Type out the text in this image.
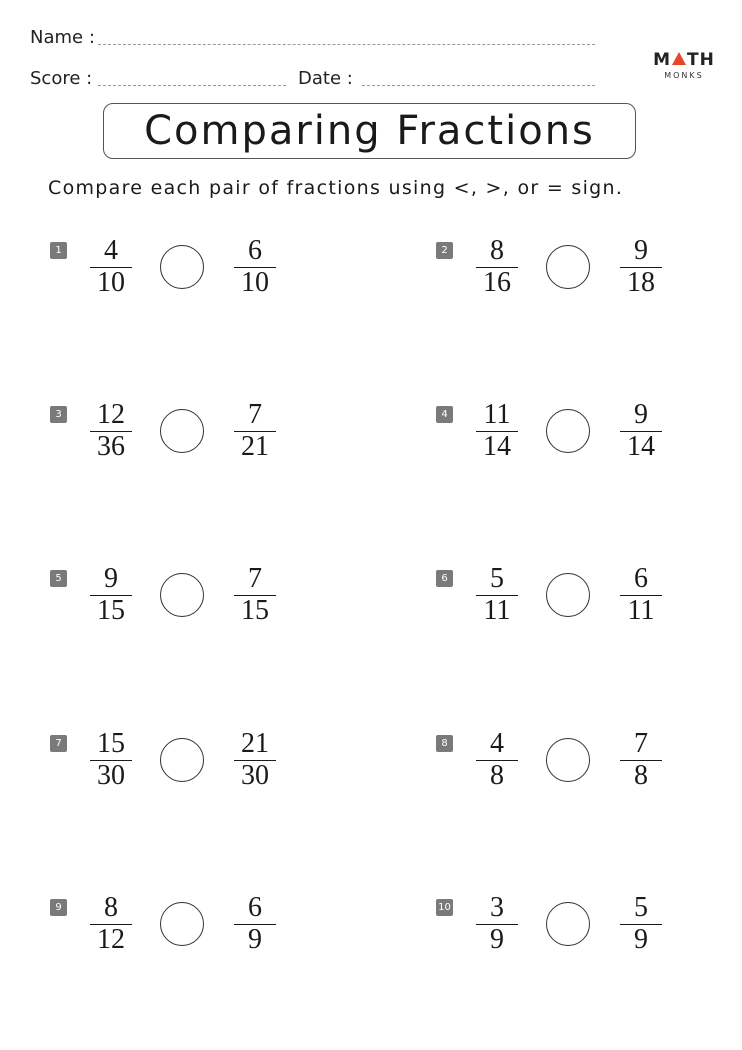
Name :
Score :	Date :
M TH
MONKS
Comparing Fractions
Compare each pair of fractions using <, >, or = sign.
1	4
10
6
10
2	8
16
9
18
3	12
36
7
21
4	11
14
9
14
5	9
15
7
15
6	5
11
6
11
7	15
30
21
30
8	4
8
7
8
9	8
12
6
9
10	3
9
5
9
